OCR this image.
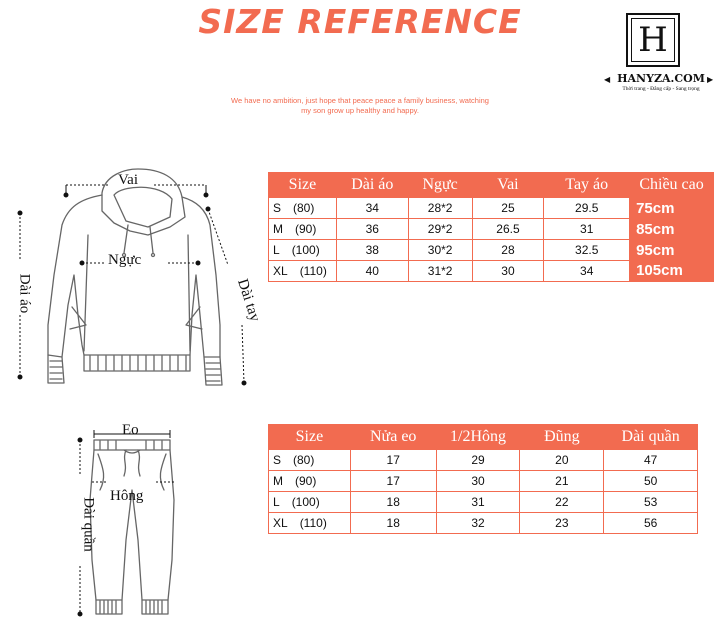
SIZE REFERENCE
We have no ambition, just hope that peace peace a family business, watching
my son grow up healthy and happy.
H
◀ HANYZA.COM ▶
Thời trang - Đẳng cấp - Sang trọng
Vai
Ngực
Dài áo	Dài tay
Size	Dài áo	Ngực	Vai	Tay áo	Chiều cao
S (80)	34	28*2	25	29.5	75cm
M (90)	36	29*2	26.5	31	85cm
L (100)	38	30*2	28	32.5	95cm
XL (110)	40	31*2	30	34	105cm
Eo
Hông
Dài quần
Size	Nửa eo	1/2Hông	Đũng	Dài quần
S (80)	17	29	20	47
M (90)	17	30	21	50
L (100)	18	31	22	53
XL (110)	18	32	23	56
